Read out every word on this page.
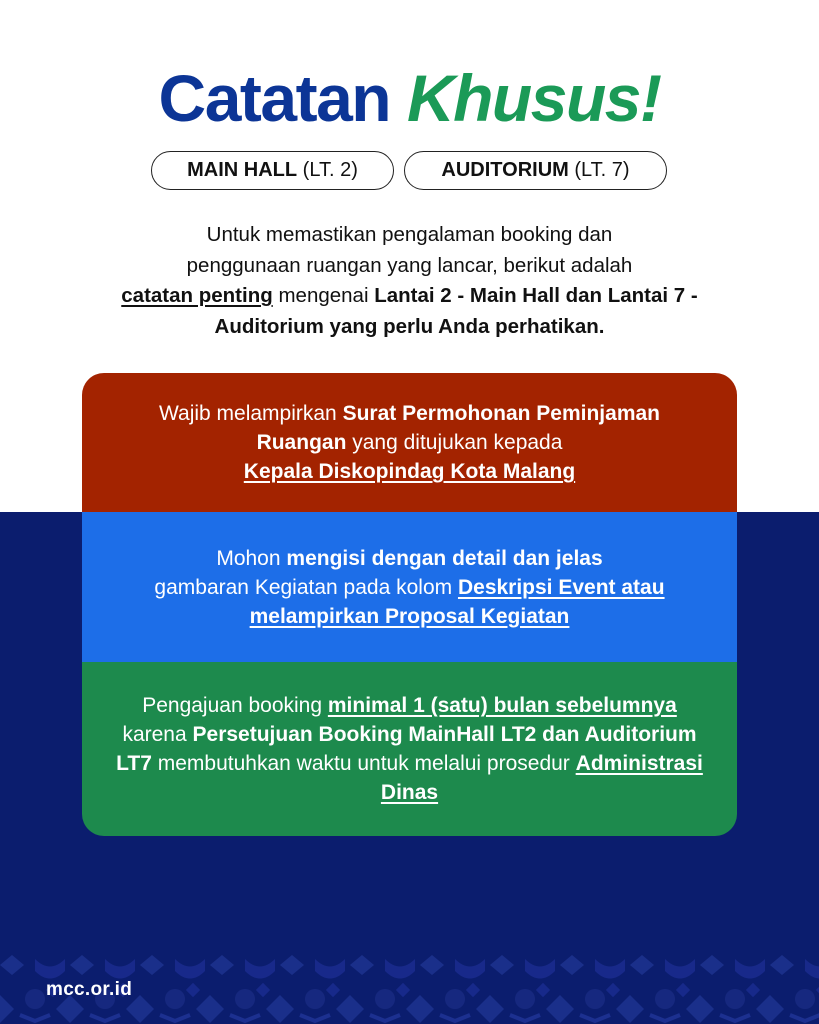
Catatan Khusus!
MAIN HALL (LT. 2)	AUDITORIUM (LT. 7)
Untuk memastikan pengalaman booking dan
penggunaan ruangan yang lancar, berikut adalah
catatan penting mengenai Lantai 2 - Main Hall dan Lantai 7 - Auditorium yang perlu Anda perhatikan.
Wajib melampirkan Surat Permohonan Peminjaman Ruangan yang ditujukan kepada
Kepala Diskopindag Kota Malang
Mohon mengisi dengan detail dan jelas
gambaran Kegiatan pada kolom Deskripsi Event atau melampirkan Proposal Kegiatan
Pengajuan booking minimal 1 (satu) bulan sebelumnya karena Persetujuan Booking MainHall LT2 dan Auditorium LT7 membutuhkan waktu untuk melalui prosedur Administrasi Dinas
mcc.or.id
